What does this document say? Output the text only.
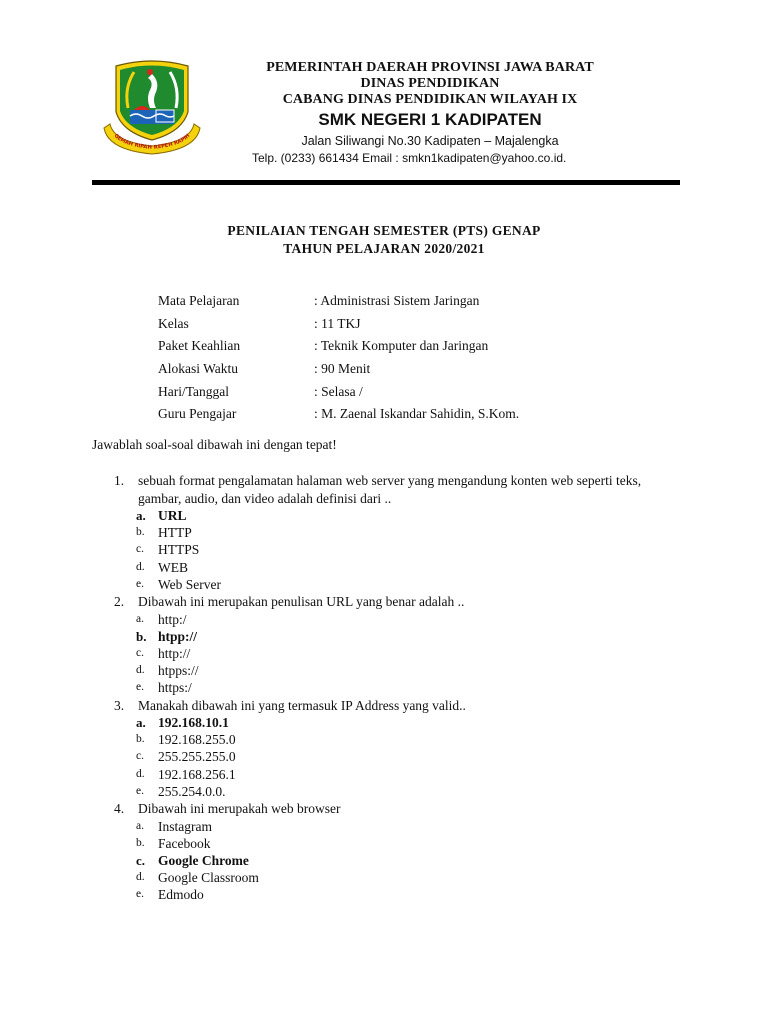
GEMAH RIPAH REPEH RAPIH
PEMERINTAH DAERAH PROVINSI JAWA BARAT
DINAS PENDIDIKAN
CABANG DINAS PENDIDIKAN WILAYAH IX
SMK NEGERI 1 KADIPATEN
Jalan Siliwangi No.30 Kadipaten – Majalengka
Telp. (0233) 661434 Email : smkn1kadipaten@yahoo.co.id.
PENILAIAN TENGAH SEMESTER (PTS) GENAP
TAHUN PELAJARAN 2020/2021
Mata Pelajaran	: Administrasi Sistem Jaringan
Kelas	: 11 TKJ
Paket Keahlian	: Teknik Komputer dan Jaringan
Alokasi Waktu	: 90 Menit
Hari/Tanggal	: Selasa /
Guru Pengajar	: M. Zaenal Iskandar Sahidin, S.Kom.
Jawablah soal-soal dibawah ini dengan tepat!
1.	sebuah format pengalamatan halaman web server yang mengandung konten web seperti teks, gambar, audio, dan video adalah definisi dari ..
a. URL
b. HTTP
c.	HTTPS
d. WEB
e.	Web Server
2.	Dibawah ini merupakan penulisan URL yang benar adalah ..
a.	http:/
b. htpp://
c.	http://
d. htpps://
e.	https:/
3.	Manakah dibawah ini yang termasuk IP Address yang valid..
a. 192.168.10.1
b. 192.168.255.0
c.	255.255.255.0
d. 192.168.256.1
e.	255.254.0.0.
4.	Dibawah ini merupakah web browser
a.	Instagram
b. Facebook
c. Google Chrome
d. Google Classroom
e.	Edmodo
